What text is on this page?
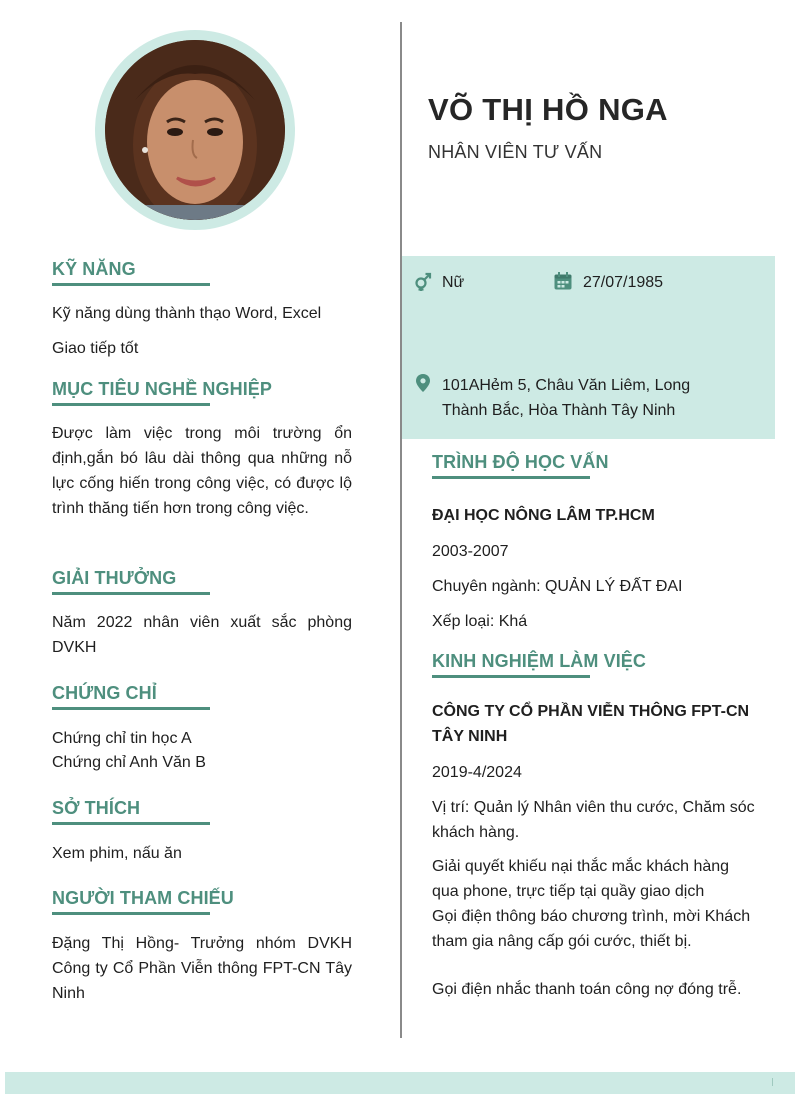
VÕ THỊ HỒ NGA

NHÂN VIÊN TƯ VẤN

Nữ	27/07/1985

101AHẻm 5, Châu Văn Liêm, Long

Thành Bắc, Hòa Thành Tây Ninh

KỸ NĂNG

Kỹ năng dùng thành thạo Word, Excel

Giao tiếp tốt

MỤC TIÊU NGHỀ NGHIỆP

Được làm việc trong môi trường ổn định,gắn bó lâu dài thông qua những nỗ lực cống hiến trong công việc, có được lộ trình thăng tiến hơn trong công việc.

GIẢI THƯỞNG

Năm 2022 nhân viên xuất sắc phòng DVKH

CHỨNG CHỈ

Chứng chỉ tin học A

Chứng chỉ Anh Văn B

SỞ THÍCH

Xem phim, nấu ăn

NGƯỜI THAM CHIẾU

Đặng Thị Hồng- Trưởng nhóm DVKH Công ty Cổ Phần Viễn thông FPT-CN Tây Ninh

TRÌNH ĐỘ HỌC VẤN

ĐẠI HỌC NÔNG LÂM TP.HCM

2003-2007

Chuyên ngành: QUẢN LÝ ĐẤT ĐAI

Xếp loại: Khá

KINH NGHIỆM LÀM VIỆC

CÔNG TY CỔ PHẦN VIỄN THÔNG FPT-CN TÂY NINH

2019-4/2024

Vị trí: Quản lý Nhân viên thu cước, Chăm sóc khách hàng.

Giải quyết khiếu nại thắc mắc khách hàng qua phone, trực tiếp tại quầy giao dịch

Gọi điện thông báo chương trình, mời Khách tham gia nâng cấp gói cước, thiết bị.

Gọi điện nhắc thanh toán công nợ đóng trễ.
